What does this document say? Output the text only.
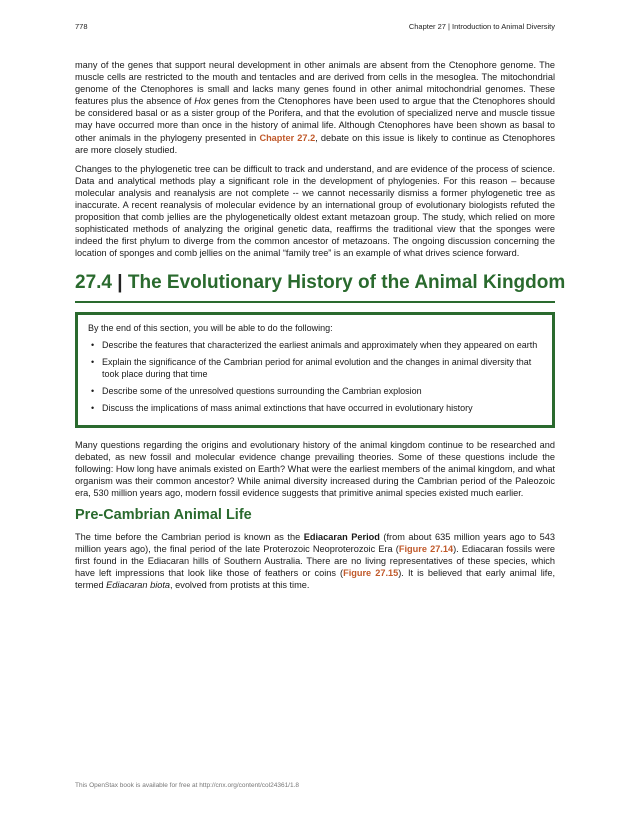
778	Chapter 27 | Introduction to Animal Diversity

many of the genes that support neural development in other animals are absent from the Ctenophore genome. The muscle cells are restricted to the mouth and tentacles and are derived from cells in the mesoglea. The mitochondrial genome of the Ctenophores is small and lacks many genes found in other animal mitochondrial genomes. These features plus the absence of Hox genes from the Ctenophores have been used to argue that the Ctenophores should be considered basal or as a sister group of the Porifera, and that the evolution of specialized nerve and muscle tissue may have occurred more than once in the history of animal life. Although Ctenophores have been shown as basal to other animals in the phylogeny presented in Chapter 27.2, debate on this issue is likely to continue as Ctenophores are more closely studied.

Changes to the phylogenetic tree can be difficult to track and understand, and are evidence of the process of science. Data and analytical methods play a significant role in the development of phylogenies. For this reason – because molecular analysis and reanalysis are not complete -- we cannot necessarily dismiss a former phylogenetic tree as inaccurate. A recent reanalysis of molecular evidence by an international group of evolutionary biologists refuted the proposition that comb jellies are the phylogenetically oldest extant metazoan group. The study, which relied on more sophisticated methods of analyzing the original genetic data, reaffirms the traditional view that the sponges were indeed the first phylum to diverge from the common ancestor of metazoans. The ongoing discussion concerning the location of sponges and comb jellies on the animal “family tree” is an example of what drives science forward.

27.4 | The Evolutionary History of the Animal Kingdom
By the end of this section, you will be able to do the following:
• Describe the features that characterized the earliest animals and approximately when they appeared on earth
• Explain the significance of the Cambrian period for animal evolution and the changes in animal diversity that took place during that time
• Describe some of the unresolved questions surrounding the Cambrian explosion
• Discuss the implications of mass animal extinctions that have occurred in evolutionary history

Many questions regarding the origins and evolutionary history of the animal kingdom continue to be researched and debated, as new fossil and molecular evidence change prevailing theories. Some of these questions include the following: How long have animals existed on Earth? What were the earliest members of the animal kingdom, and what organism was their common ancestor? While animal diversity increased during the Cambrian period of the Paleozoic era, 530 million years ago, modern fossil evidence suggests that primitive animal species existed much earlier.

Pre-Cambrian Animal Life

The time before the Cambrian period is known as the Ediacaran Period (from about 635 million years ago to 543 million years ago), the final period of the late Proterozoic Neoproterozoic Era (Figure 27.14). Ediacaran fossils were first found in the Ediacaran hills of Southern Australia. There are no living representatives of these species, which have left impressions that look like those of feathers or coins (Figure 27.15). It is believed that early animal life, termed Ediacaran biota, evolved from protists at this time.

This OpenStax book is available for free at http://cnx.org/content/col24361/1.8
